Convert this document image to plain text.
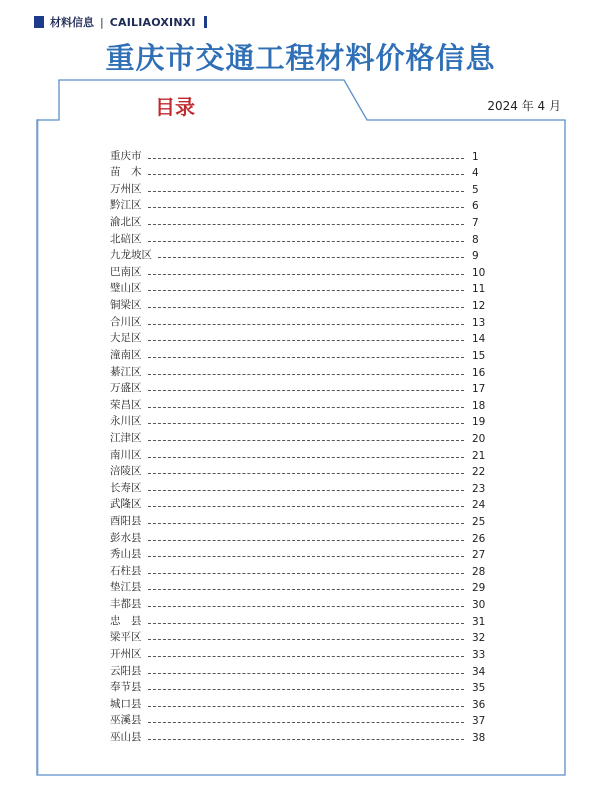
材料信息 | CAILIAOXINXI
重庆市交通工程材料价格信息
目录	2024 年 4 月
重庆市	1
苗　木	4
万州区	5
黔江区	6
渝北区	7
北碚区	8
九龙坡区	9
巴南区	10
璧山区	11
铜梁区	12
合川区	13
大足区	14
潼南区	15
綦江区	16
万盛区	17
荣昌区	18
永川区	19
江津区	20
南川区	21
涪陵区	22
长寿区	23
武隆区	24
酉阳县	25
彭水县	26
秀山县	27
石柱县	28
垫江县	29
丰都县	30
忠　县	31
梁平区	32
开州区	33
云阳县	34
奉节县	35
城口县	36
巫溪县	37
巫山县	38
